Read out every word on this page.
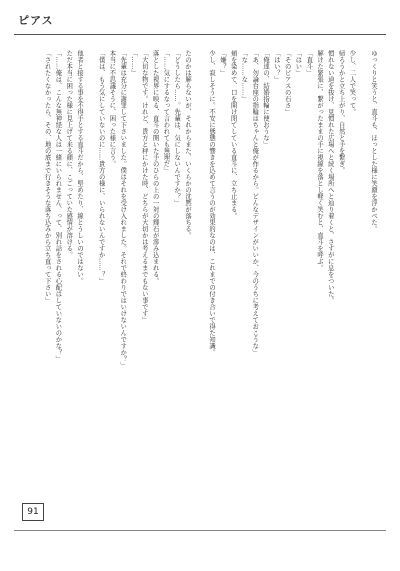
ピアス

ゆっくりと笑うと、直斗も、ほっとした様に笑顔を浮かべた。

少し、二人で笑って。

帰ろうかと立ち上がり、自然と手を繋ぎ。

慣れない道を抜け、見慣れた広場へと続く場所へと辿り着くと、さすがに息をついた。

解けた緊張に、繋がったままの手に視線を落とし軽く笑むと、直斗を呼ぶ。

「直斗」

「はい」

「そのピアスの石さ」

「はい？」

「俺達の、結婚指輪に使おうな」

「あ、勿論台座の指輪はちゃんと俺が作るから。どんなデザインがいいか、今のうちに考えておこうな」

「な……な……」

頬を染めて、口を開け閉てしている直斗に、立ち止まる。

「嫌？」

少し、寂しそうに。不安に態態の響きを込めて言うのが効果的なのは、これまでの付き合いで得た知識。

たのかは解らないが、それからまた、いくらかの沈黙が落ちる。

「どうしたら……。先輩は、気にしないんですか？」

「……気にするなって言われても無理だ」

落とした視界に映る、直斗の開いた手のひらの上の一対の輝石が滲み込まれる。

「大切な物です。けれど、貴方と秤にかけた時、どちらが大切かは考えるまでもない事です」

「……」

「先輩は充分に謝罪して下さいました。僕はそれを受け入れました。それで終わりではいけないんですか？」

本当に不思議そうに、困った様に言う。

「僕は、もう気にしていないのに……貴方の様に、いられないんですか……？」

他者と接する事を不得手とする直斗だから、堅めたり、線とうしいのではない。

ただ本当に困った様に見上げて来る顔に、こごっていた感情が溶ける。

「……俺は、こんな無神経な人は一緒にいられません、って、別れ話をされる心配はしていないのかな？」

「されたくなかったら、その、地の底まで行きそうな落ち込みから立ち直って下さい」

91
